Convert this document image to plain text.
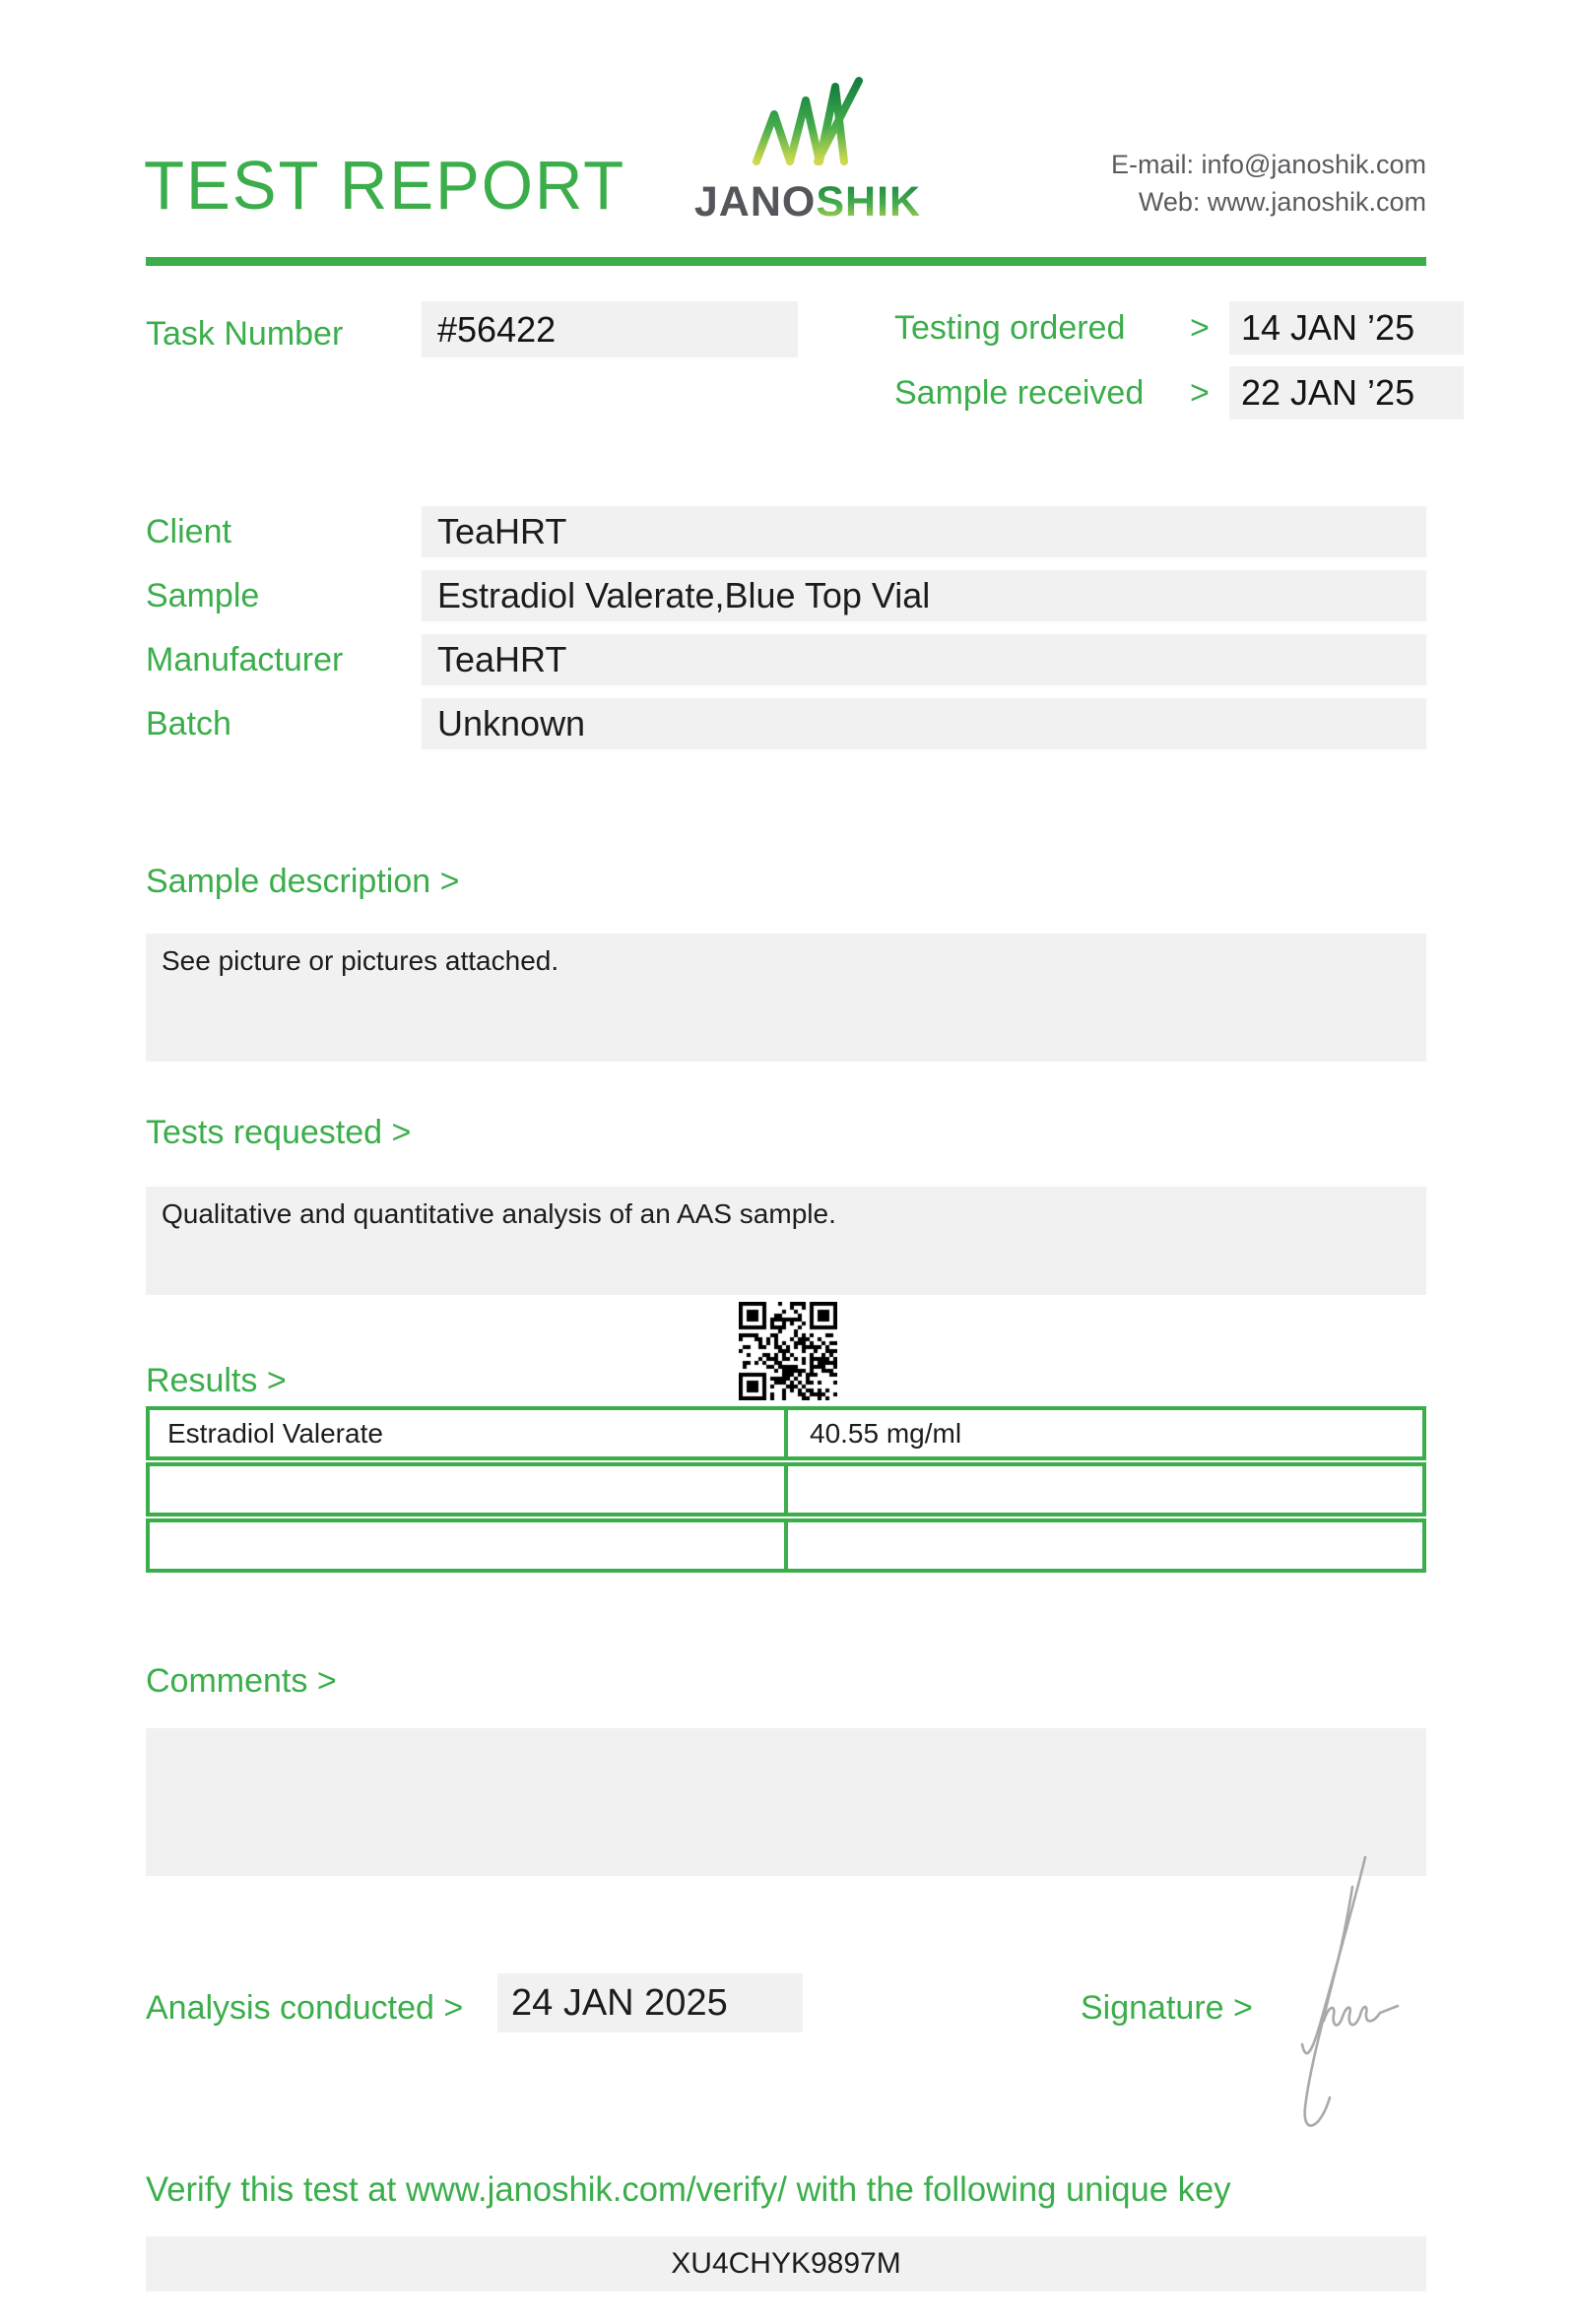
TEST REPORT	JANOSHIK
E-mail: info@janoshik.com
Web: www.janoshik.com
Task Number	#56422	Testing ordered	> 14 JAN ’25
Sample received	> 22 JAN ’25
Client	TeaHRT
Sample	Estradiol Valerate,Blue Top Vial
Manufacturer	TeaHRT
Batch	Unknown
Sample description >
See picture or pictures attached.
Tests requested >
Qualitative and quantitative analysis of an AAS sample.
Results >
Estradiol Valerate	40.55 mg/ml
Comments >
Analysis conducted >	24 JAN 2025	Signature >
Verify this test at www.janoshik.com/verify/ with the following unique key
XU4CHYK9897M
